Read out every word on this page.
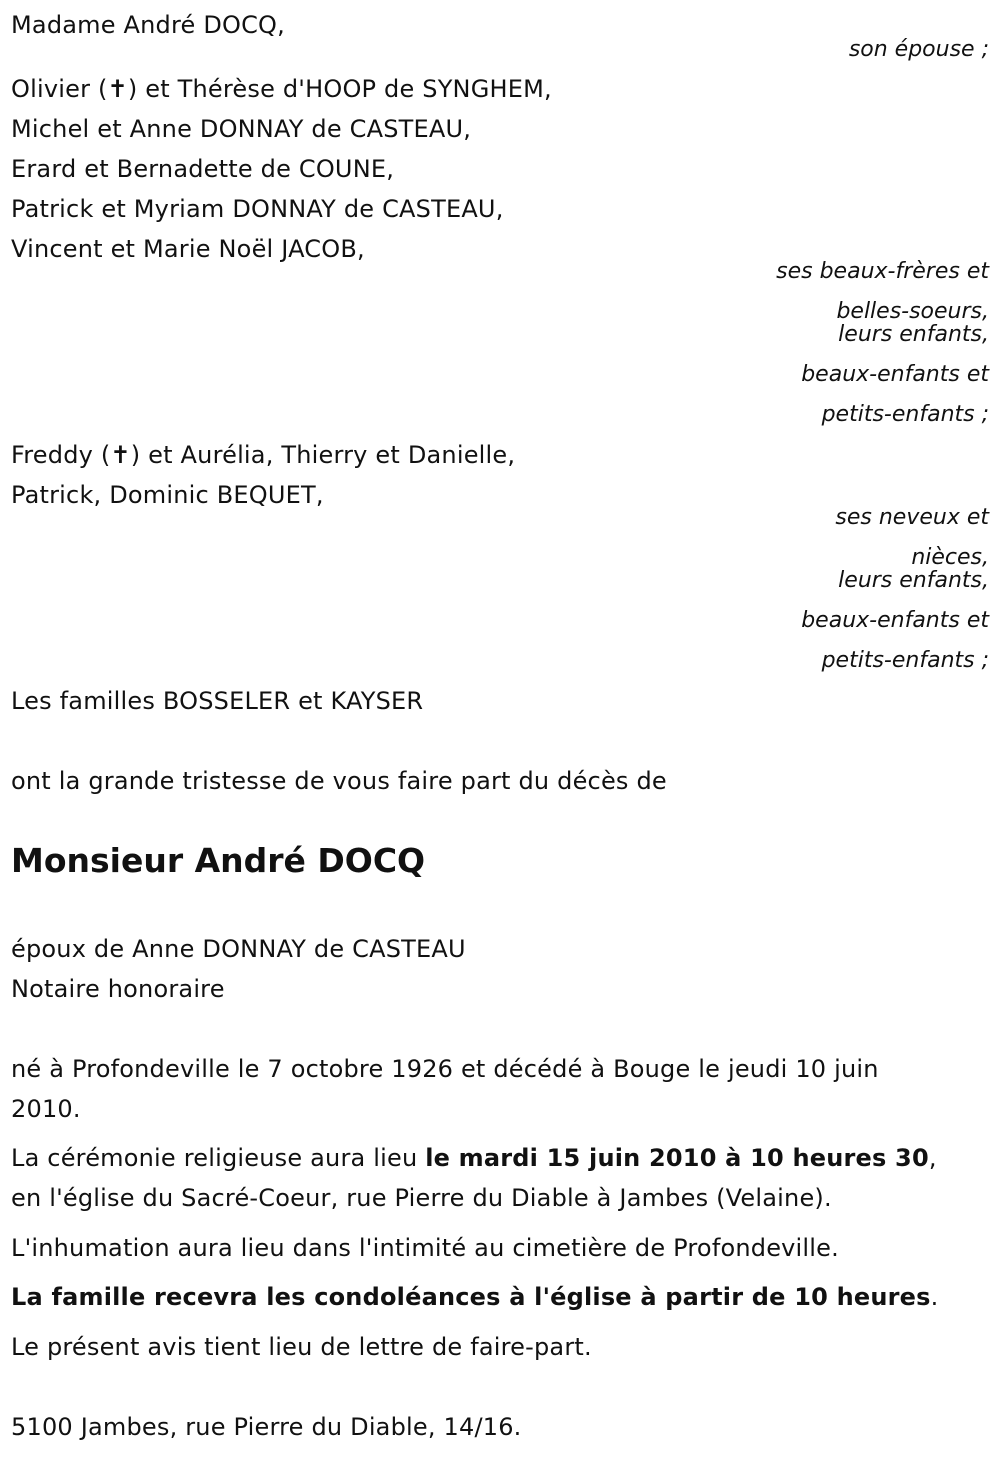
Madame André DOCQ,
son épouse ;
Olivier (✝) et Thérèse d'HOOP de SYNGHEM,
Michel et Anne DONNAY de CASTEAU,
Erard et Bernadette de COUNE,
Patrick et Myriam DONNAY de CASTEAU,
Vincent et Marie Noël JACOB,
ses beaux-frères et
belles-soeurs,
leurs enfants,
beaux-enfants et
petits-enfants ;
Freddy (✝) et Aurélia, Thierry et Danielle,
Patrick, Dominic BEQUET,
ses neveux et
nièces,
leurs enfants,
beaux-enfants et
petits-enfants ;
Les familles BOSSELER et KAYSER
ont la grande tristesse de vous faire part du décès de
Monsieur André DOCQ
époux de Anne DONNAY de CASTEAU
Notaire honoraire
né à Profondeville le 7 octobre 1926 et décédé à Bouge le jeudi 10 juin
2010.
La cérémonie religieuse aura lieu le mardi 15 juin 2010 à 10 heures 30,
en l'église du Sacré-Coeur, rue Pierre du Diable à Jambes (Velaine).
L'inhumation aura lieu dans l'intimité au cimetière de Profondeville.
La famille recevra les condoléances à l'église à partir de 10 heures.
Le présent avis tient lieu de lettre de faire-part.
5100 Jambes, rue Pierre du Diable, 14/16.
